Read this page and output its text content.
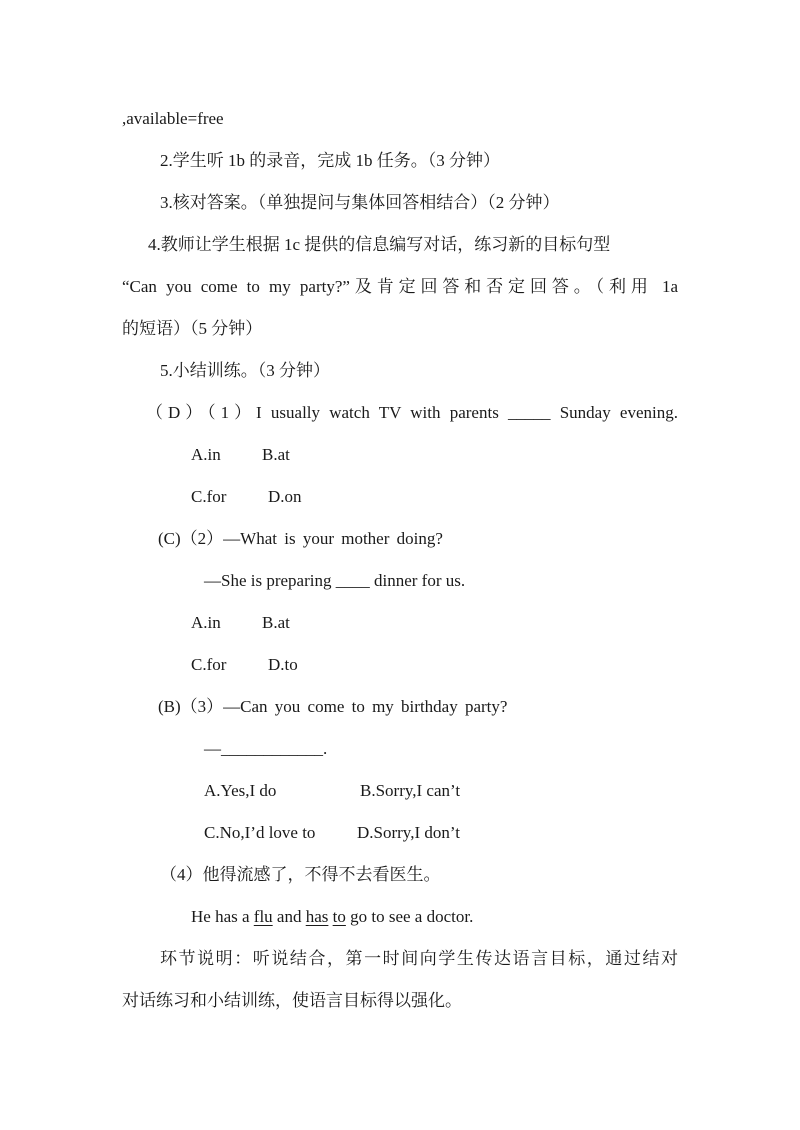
,available=free
2.学生听 1b 的录音，完成 1b 任务。（3 分钟）
3.核对答案。（单独提问与集体回答相结合）（2 分钟）
4.教师让学生根据 1c 提供的信息编写对话，练习新的目标句型
“Can you come to my party?”及肯定回答和否定回答。（利用 1a
的短语）（5 分钟）
5.小结训练。（3 分钟）
（D）（1）I usually watch TV with parents _____ Sunday evening.
A.in B.at
C.for D.on
(C)（2）—What is your mother doing?
—She is preparing ____ dinner for us.
A.in B.at
C.for D.to
(B)（3）—Can you come to my birthday party?
—____________.
A.Yes,I do	B.Sorry,I can’t
C.No,I’d love to D.Sorry,I don’t
（4）他得流感了，不得不去看医生。
He has a flu and has to go to see a doctor.
环节说明：听说结合，第一时间向学生传达语言目标，通过结对
对话练习和小结训练，使语言目标得以强化。
